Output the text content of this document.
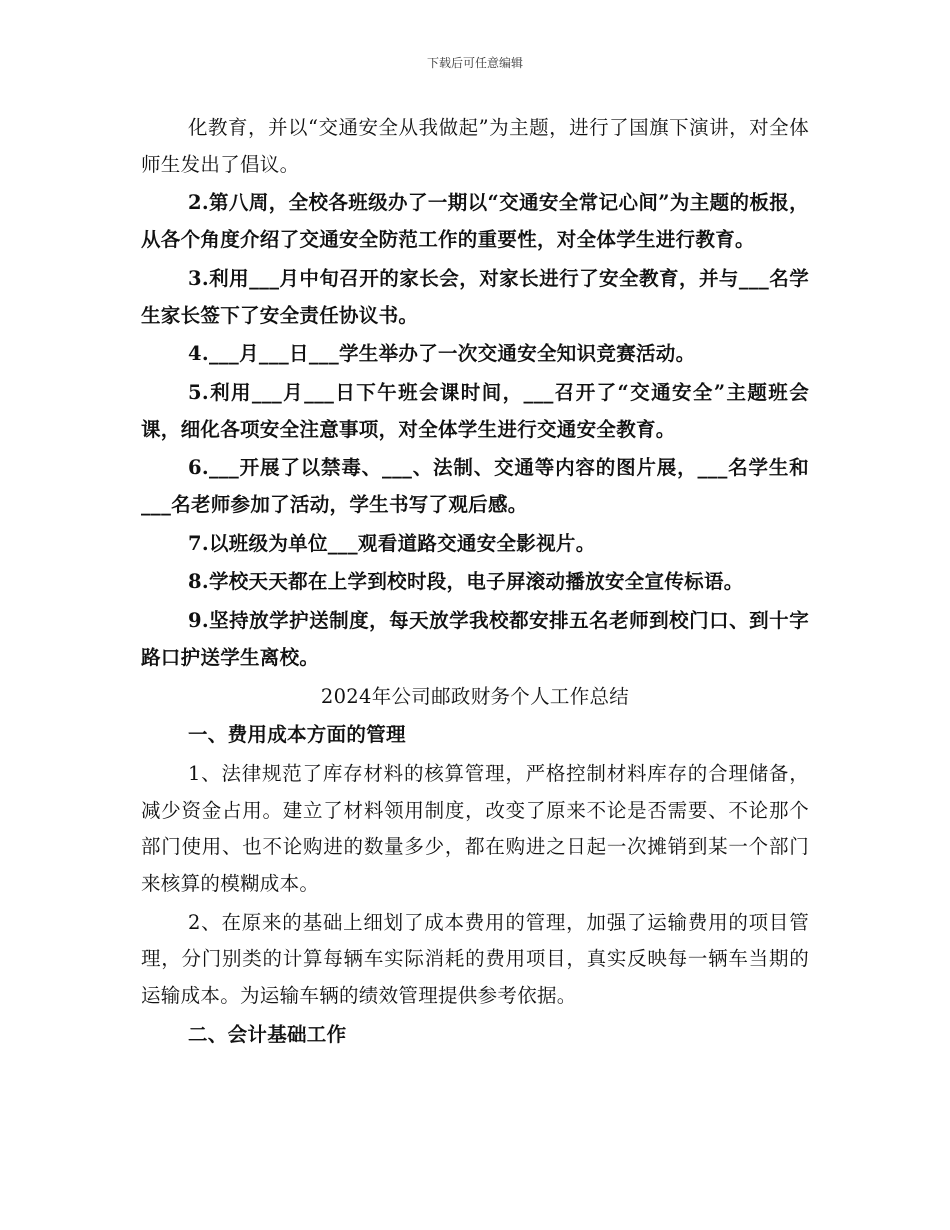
下载后可任意编辑

化教育，并以“交通安全从我做起”为主题，进行了国旗下演讲，对全体师生发出了倡议。

2.第八周，全校各班级办了一期以“交通安全常记心间”为主题的板报，从各个角度介绍了交通安全防范工作的重要性，对全体学生进行教育。

3.利用___月中旬召开的家长会，对家长进行了安全教育，并与___名学生家长签下了安全责任协议书。

4.___月___日___学生举办了一次交通安全知识竞赛活动。

5.利用___月___日下午班会课时间，___召开了“交通安全”主题班会课，细化各项安全注意事项，对全体学生进行交通安全教育。

6.___开展了以禁毒、___、法制、交通等内容的图片展，___名学生和___名老师参加了活动，学生书写了观后感。

7.以班级为单位___观看道路交通安全影视片。

8.学校天天都在上学到校时段，电子屏滚动播放安全宣传标语。

9.坚持放学护送制度，每天放学我校都安排五名老师到校门口、到十字路口护送学生离校。

2024年公司邮政财务个人工作总结

一、费用成本方面的管理

1、法律规范了库存材料的核算管理，严格控制材料库存的合理储备，减少资金占用。建立了材料领用制度，改变了原来不论是否需要、不论那个部门使用、也不论购进的数量多少，都在购进之日起一次摊销到某一个部门来核算的模糊成本。

2、在原来的基础上细划了成本费用的管理，加强了运输费用的项目管理，分门别类的计算每辆车实际消耗的费用项目，真实反映每一辆车当期的运输成本。为运输车辆的绩效管理提供参考依据。

二、会计基础工作
